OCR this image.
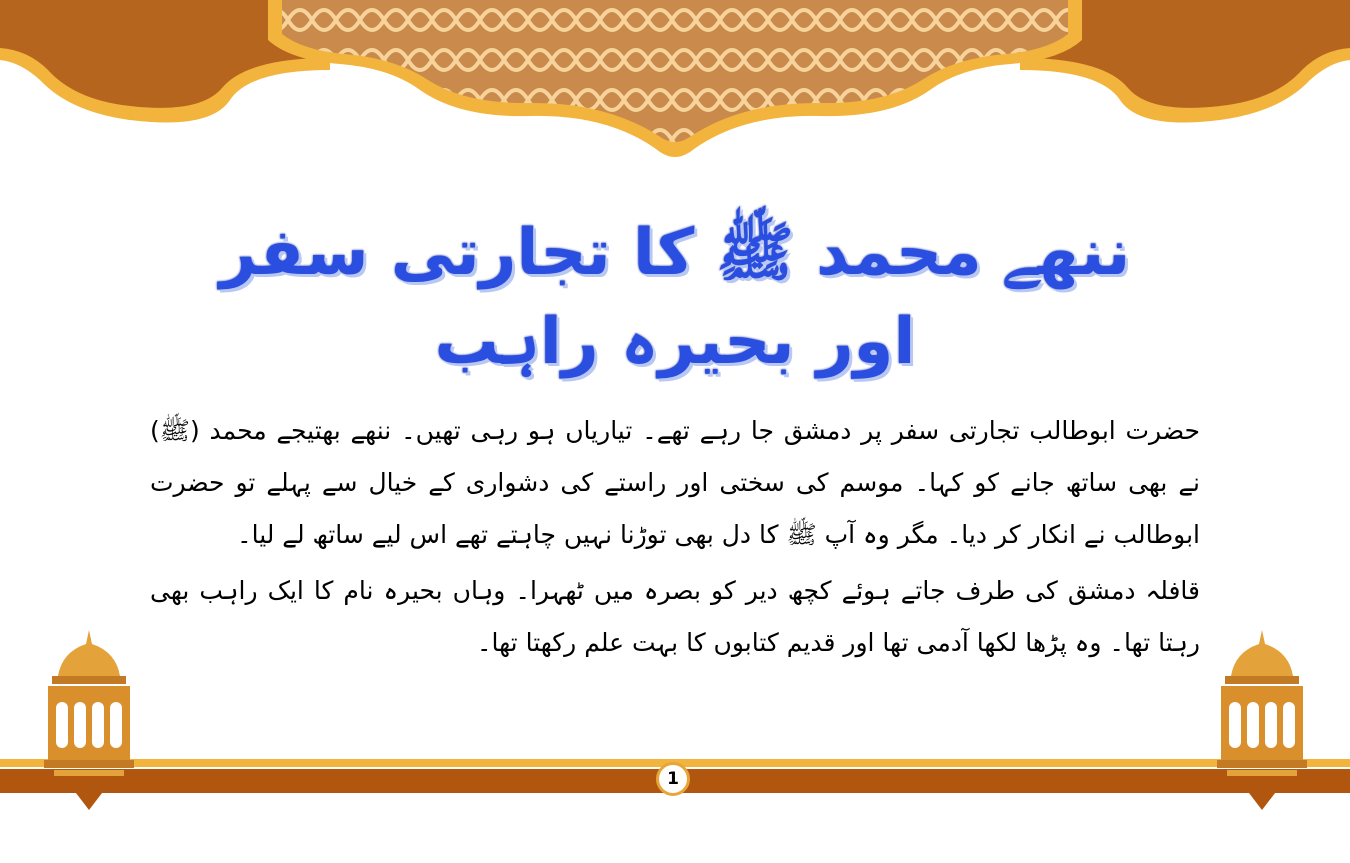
ننھے محمد ﷺ کا تجارتی سفر
اور بحیرہ راہب

حضرت ابوطالب تجارتی سفر پر دمشق جا رہے تھے۔ تیاریاں ہو رہی تھیں۔ ننھے بھتیجے محمد (ﷺ) نے بھی ساتھ جانے کو کہا۔ موسم کی سختی اور راستے کی دشواری کے خیال سے پہلے تو حضرت ابوطالب نے انکار کر دیا۔ مگر وہ آپ ﷺ کا دل بھی توڑنا نہیں چاہتے تھے اس لیے ساتھ لے لیا۔

قافلہ دمشق کی طرف جاتے ہوئے کچھ دیر کو بصرہ میں ٹھہرا۔ وہاں بحیرہ نام کا ایک راہب بھی رہتا تھا۔ وہ پڑھا لکھا آدمی تھا اور قدیم کتابوں کا بہت علم رکھتا تھا۔

1
